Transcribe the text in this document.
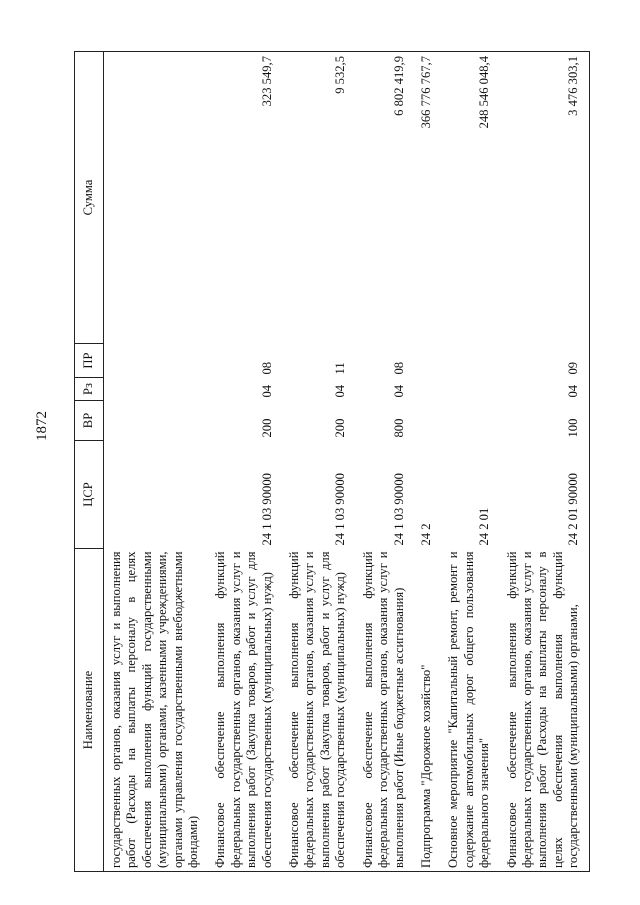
1872
Наименование	ЦСР	ВР	Рз	ПР	Сумма
государственных органов, оказания услуг и выполнения работ (Расходы на выплаты персоналу в целях обеспечения выполнения функций государственными (муниципальными) органами, казенными учреждениями, органами управления государственными внебюджетными фондами)					
Финансовое обеспечение выполнения функций федеральных государственных органов, оказания услуг и выполнения работ (Закупка товаров, работ и услуг для обеспечения государственных (муниципальных) нужд)	24 1 03 90000	200	04	08	323 549,7
Финансовое обеспечение выполнения функций федеральных государственных органов, оказания услуг и выполнения работ (Закупка товаров, работ и услуг для обеспечения государственных (муниципальных) нужд)	24 1 03 90000	200	04	11	9 532,5
Финансовое обеспечение выполнения функций федеральных государственных органов, оказания услуг и выполнения работ (Иные бюджетные ассигнования)	24 1 03 90000	800	04	08	6 802 419,9
Подпрограмма "Дорожное хозяйство"	24 2				366 776 767,7
Основное мероприятие "Капитальный ремонт, ремонт и содержание автомобильных дорог общего пользования федерального значения"	24 2 01				248 546 048,4
Финансовое обеспечение выполнения функций федеральных государственных органов, оказания услуг и выполнения работ (Расходы на выплаты персоналу в целях обеспечения выполнения функций государственными (муниципальными) органами,	24 2 01 90000	100	04	09	3 476 303,1
